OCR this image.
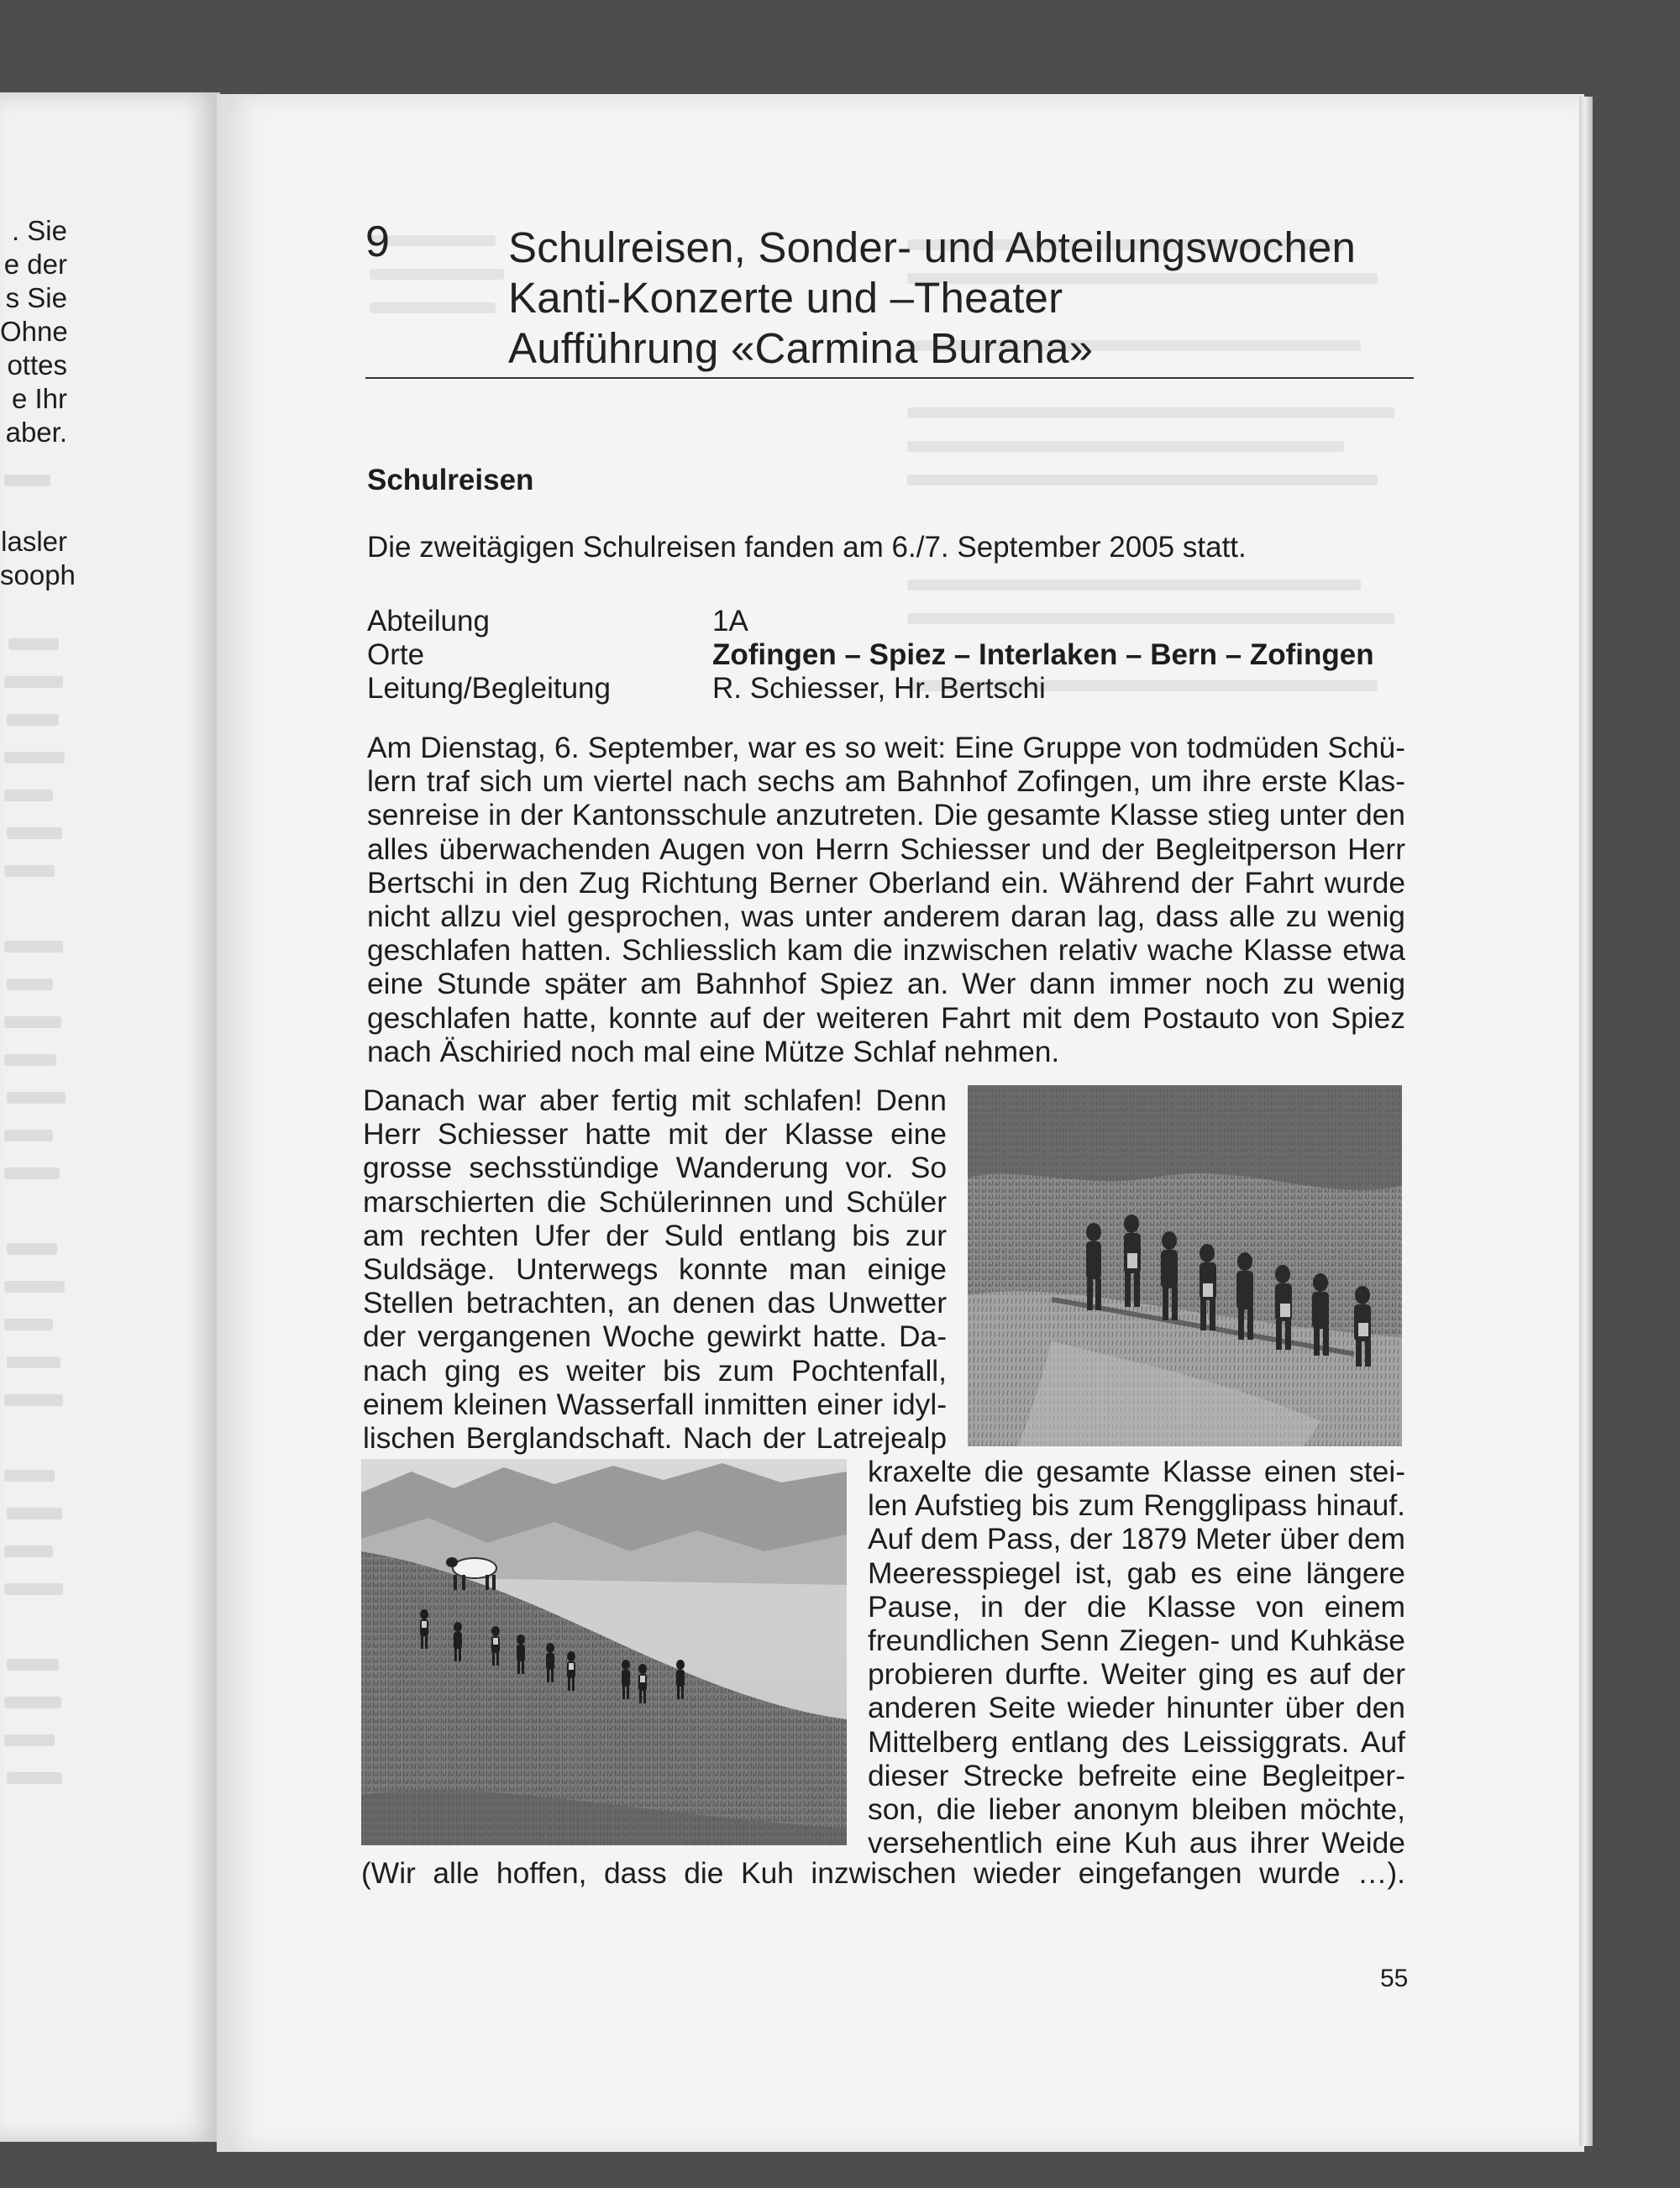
. Sie
e der
s Sie
Ohne
ottes
e Ihr
aber.
lasler
sooph
9	Schulreisen, Sonder- und Abteilungswochen
Kanti-Konzerte und –Theater
Aufführung «Carmina Burana»
Schulreisen
Die zweitägigen Schulreisen fanden am 6./7. September 2005 statt.
Abteilung	1A
Orte	Zofingen – Spiez – Interlaken – Bern – Zofingen
Leitung/Begleitung	R. Schiesser, Hr. Bertschi

Am Dienstag, 6. September, war es so weit: Eine Gruppe von todmüden Schülern traf sich um viertel nach sechs am Bahnhof Zofingen, um ihre erste Klassenreise in der Kantonsschule anzutreten. Die gesamte Klasse stieg unter den alles überwachenden Augen von Herrn Schiesser und der Begleitperson Herr Bertschi in den Zug Richtung Berner Oberland ein. Während der Fahrt wurde nicht allzu viel gesprochen, was unter anderem daran lag, dass alle zu wenig geschlafen hatten. Schliesslich kam die inzwischen relativ wache Klasse etwa eine Stunde später am Bahnhof Spiez an. Wer dann immer noch zu wenig geschlafen hatte, konnte auf der weiteren Fahrt mit dem Postauto von Spiez nach Äschiried noch mal eine Mütze Schlaf nehmen.

Danach war aber fertig mit schlafen! Denn Herr Schiesser hatte mit der Klasse eine grosse sechsstündige Wanderung vor. So marschierten die Schülerinnen und Schüler am rechten Ufer der Suld entlang bis zur Suldsäge. Unterwegs konnte man einige Stellen betrachten, an denen das Unwetter der vergangenen Woche gewirkt hatte. Danach ging es weiter bis zum Pochtenfall, einem kleinen Wasserfall inmitten einer idyllischen Berglandschaft. Nach der Latrejealp

kraxelte die gesamte Klasse einen steilen Aufstieg bis zum Rengglipass hinauf. Auf dem Pass, der 1879 Meter über dem Meeresspiegel ist, gab es eine längere Pause, in der die Klasse von einem freundlichen Senn Ziegen- und Kuhkäse probieren durfte. Weiter ging es auf der anderen Seite wieder hinunter über den Mittelberg entlang des Leissiggrats. Auf dieser Strecke befreite eine Begleitperson, die lieber anonym bleiben möchte, versehentlich eine Kuh aus ihrer Weide

(Wir alle hoffen, dass die Kuh inzwischen wieder eingefangen wurde …).

55
